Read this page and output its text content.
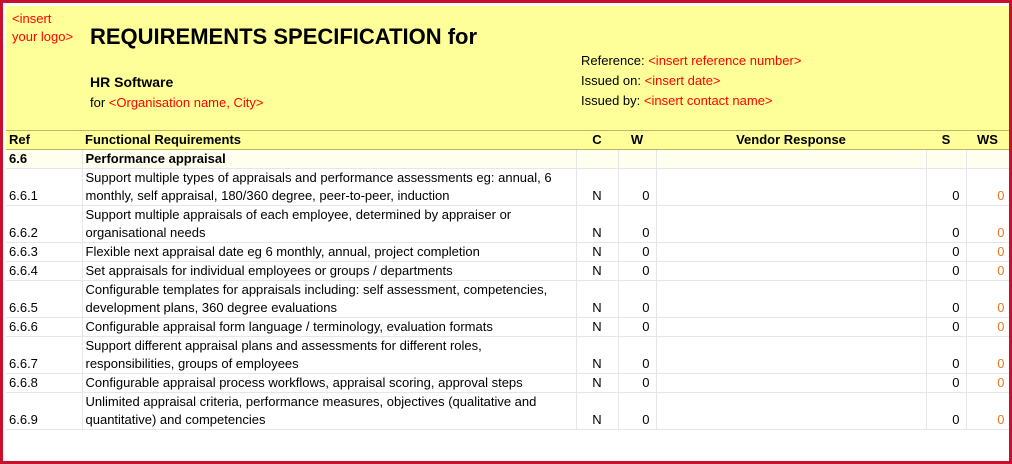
<insert
your logo> REQUIREMENTS SPECIFICATION for
HR Software
for <Organisation name, City>
Reference: <insert reference number>
Issued on: <insert date>
Issued by: <insert contact name>
Ref	Functional Requirements	C	W	Vendor Response	S	WS
6.6	Performance appraisal					
6.6.1	Support multiple types of appraisals and performance assessments eg: annual, 6 monthly, self appraisal, 180/360 degree, peer-to-peer, induction	N	0		0	0
6.6.2	Support multiple appraisals of each employee, determined by appraiser or organisational needs	N	0		0	0
6.6.3	Flexible next appraisal date eg 6 monthly, annual, project completion	N	0		0	0
6.6.4	Set appraisals for individual employees or groups / departments	N	0		0	0
6.6.5	Configurable templates for appraisals including: self assessment, competencies, development plans, 360 degree evaluations	N	0		0	0
6.6.6	Configurable appraisal form language / terminology, evaluation formats	N	0		0	0
6.6.7	Support different appraisal plans and assessments for different roles, responsibilities, groups of employees	N	0		0	0
6.6.8	Configurable appraisal process workflows, appraisal scoring, approval steps	N	0		0	0
6.6.9	Unlimited appraisal criteria, performance measures, objectives (qualitative and quantitative) and competencies	N	0		0	0
